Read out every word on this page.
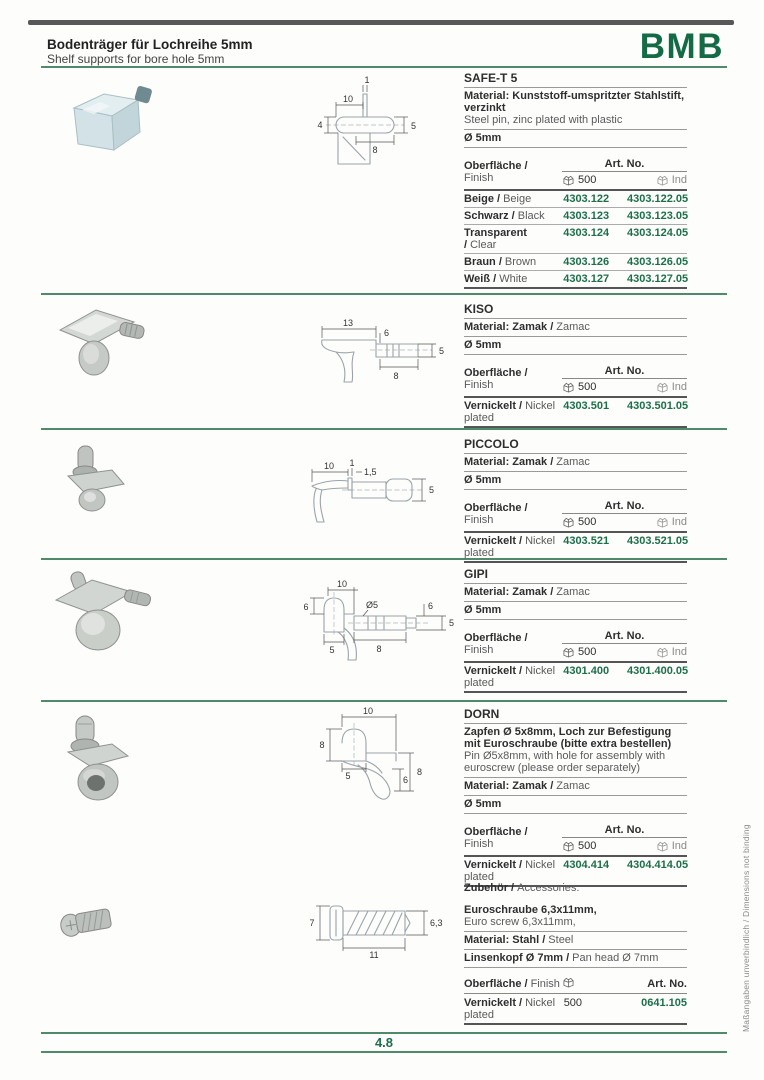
Bodenträger für Lochreihe 5mm
Shelf supports for bore hole 5mm	BMB
1
10
4	5
8
13
6
5
8
10 1
1,5
5
10
Ø5
6	6
5
5
8
10
8
5	8
6
7	6,3
11
SAFE-T 5
Material: Kunststoff-umspritzter Stahlstift, verzinkt
Steel pin, zinc plated with plastic
Ø 5mm
Oberfläche /
Finish
Art. No.
500	Ind
Beige / Beige	4303.122	4303.122.05
Schwarz / Black	4303.123	4303.123.05
Transparent / Clear
4303.124	4303.124.05
Braun / Brown	4303.126	4303.126.05
Weiß / White	4303.127	4303.127.05
KISO
Material: Zamak / Zamac
Ø 5mm
Oberfläche /
Finish
Art. No.
500	Ind
Vernickelt / Nickel plated
4303.501	4303.501.05
PICCOLO
Material: Zamak / Zamac
Ø 5mm
Oberfläche /
Finish
Art. No.
500	Ind
Vernickelt / Nickel plated
4303.521	4303.521.05
GIPI
Material: Zamak / Zamac
Ø 5mm
Oberfläche /
Finish
Art. No.
500	Ind
Vernickelt / Nickel plated
4301.400	4301.400.05
DORN
Zapfen Ø 5x8mm, Loch zur Befestigung mit Euroschraube (bitte extra bestellen)
Pin Ø5x8mm, with hole for assembly with euroscrew (please order separately)
Material: Zamak / Zamac
Ø 5mm
Oberfläche /
Finish
Art. No.
500	Ind
Vernickelt / Nickel plated
4304.414	4304.414.05
Zubehör / Accessories:
Euroschraube 6,3x11mm,
Euro screw 6,3x11mm,
Material: Stahl / Steel
Linsenkopf Ø 7mm / Pan head Ø 7mm
Oberfläche / Finish	Art. No.
Vernickelt / Nickel plated
500	0641.105
4.8
Maßangaben unverbindlich / Dimensions not binding
